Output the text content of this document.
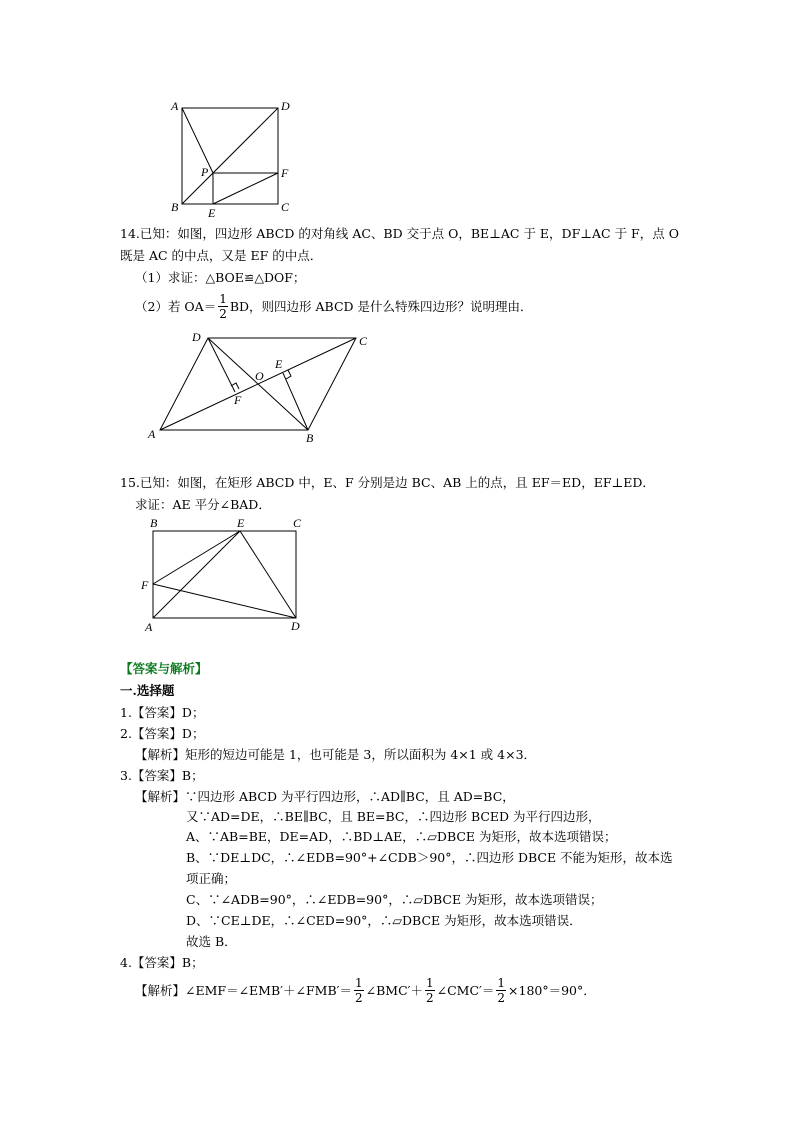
A	D
B	C
P	F
E
14.已知：如图，四边形 ABCD 的对角线 AC、BD 交于点 O，BE⊥AC 于 E，DF⊥AC 于 F，点 O
既是 AC 的中点，又是 EF 的中点．
（1）求证：△BOE≌△DOF；
（2）若 $OA= \frac{1}{2}$ BD，则四边形 ABCD 是什么特殊四边形？说明理由．
D	C
E
O
F
A	B
15.已知：如图，在矩形 ABCD 中，E、F 分别是边 BC、AB 上的点，且 EF＝ED，EF⊥ED．
求证：AE 平分∠BAD．
B	E	C
F
A	D
【答案与解析】
一.选择题
1.【答案】D；
2.【答案】D；
【解析】矩形的短边可能是 1，也可能是 3，所以面积为 4×1 或 4×3．
3.【答案】B；
【解析】∵四边形 ABCD 为平行四边形，∴AD∥BC，且 AD=BC，
又∵AD=DE，∴BE∥BC，且 BE=BC，∴四边形 BCED 为平行四边形，
A、∵AB=BE，DE=AD，∴BD⊥AE，∴▱DBCE 为矩形，故本选项错误；
B、∵DE⊥DC，∴∠EDB=90°+∠CDB＞90°，∴四边形 DBCE 不能为矩形，故本选
项正确；
C、∵∠ADB=90°，∴∠EDB=90°，∴▱DBCE 为矩形，故本选项错误；
D、∵CE⊥DE，∴∠CED=90°，∴▱DBCE 为矩形，故本选项错误．
故选 B．
4.【答案】B；
【解析】∠EMF＝∠EMB′＋∠FMB′＝ $\frac{1}{2}$ ∠BMC′＋ $\frac{1}{2}$ ∠CMC′＝ $\frac{1}{2} \times 180^\circ=90^\circ$．
